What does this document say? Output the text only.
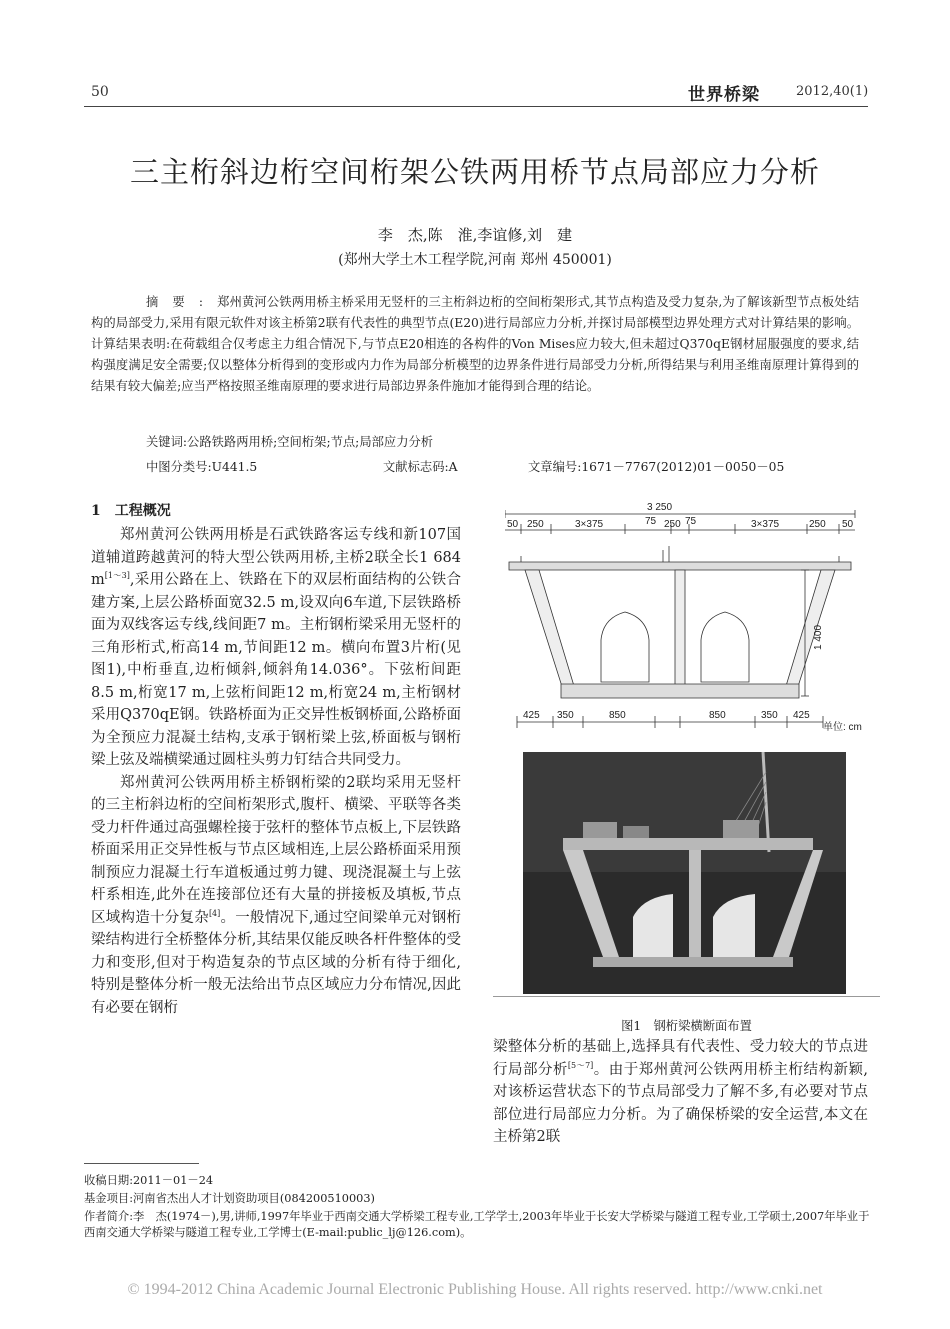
50	世界桥梁	2012,40(1)
三主桁斜边桁空间桁架公铁两用桥节点局部应力分析
李　杰,陈　淮,李谊修,刘　建
(郑州大学土木工程学院,河南 郑州 450001)
摘要:郑州黄河公铁两用桥主桥采用无竖杆的三主桁斜边桁的空间桁架形式,其节点构造及受力复杂,为了解该新型节点板处结构的局部受力,采用有限元软件对该主桥第2联有代表性的典型节点(E20)进行局部应力分析,并探讨局部模型边界处理方式对计算结果的影响。计算结果表明:在荷载组合仅考虑主力组合情况下,与节点E20相连的各构件的Von Mises应力较大,但未超过Q370qE钢材屈服强度的要求,结构强度满足安全需要;仅以整体分析得到的变形或内力作为局部分析模型的边界条件进行局部受力分析,所得结果与利用圣维南原理计算得到的结果有较大偏差;应当严格按照圣维南原理的要求进行局部边界条件施加才能得到合理的结论。
关键词:公路铁路两用桥;空间桁架;节点;局部应力分析
中图分类号:U441.5	文献标志码:A	文章编号:1671－7767(2012)01－0050－05
1　工程概况

郑州黄河公铁两用桥是石武铁路客运专线和新107国道辅道跨越黄河的特大型公铁两用桥,主桥2联全长1 684 m[1～3],采用公路在上、铁路在下的双层桁面结构的公铁合建方案,上层公路桥面宽32.5 m,设双向6车道,下层铁路桥面为双线客运专线,线间距7 m。主桁钢桁梁采用无竖杆的三角形桁式,桁高14 m,节间距12 m。横向布置3片桁(见图1),中桁垂直,边桁倾斜,倾斜角14.036°。下弦桁间距8.5 m,桁宽17 m,上弦桁间距12 m,桁宽24 m,主桁钢材采用Q370qE钢。铁路桥面为正交异性板钢桥面,公路桥面为全预应力混凝土结构,支承于钢桁梁上弦,桥面板与钢桁梁上弦及端横梁通过圆柱头剪力钉结合共同受力。

郑州黄河公铁两用桥主桥钢桁梁的2联均采用无竖杆的三主桁斜边桁的空间桁架形式,腹杆、横梁、平联等各类受力杆件通过高强螺栓接于弦杆的整体节点板上,下层铁路桥面采用正交异性板与节点区域相连,上层公路桥面采用预制预应力混凝土行车道板通过剪力键、现浇混凝土与上弦杆系相连,此外在连接部位还有大量的拼接板及填板,节点区域构造十分复杂[4]。一般情况下,通过空间梁单元对钢桁梁结构进行全桥整体分析,其结果仅能反映各杆件整体的受力和变形,但对于构造复杂的节点区域的分析有待于细化,特别是整体分析一般无法给出节点区域应力分布情况,因此有必要在钢桁

梁整体分析的基础上,选择具有代表性、受力较大的节点进行局部分析[5～7]。由于郑州黄河公铁两用桥主桁结构新颖,对该桥运营状态下的节点局部受力了解不多,有必要对节点部位进行局部应力分析。为了确保桥梁的安全运营,本文在主桥第2联

3 250
50 250	3×375	75 250 75	3×375	250 50
1 400
425 350	850	850	350 425
单位: cm
图1　钢桁梁横断面布置
收稿日期:2011－01－24
基金项目:河南省杰出人才计划资助项目(084200510003)
作者简介:李　杰(1974－),男,讲师,1997年毕业于西南交通大学桥梁工程专业,工学学士,2003年毕业于长安大学桥梁与隧道工程专业,工学硕士,2007年毕业于西南交通大学桥梁与隧道工程专业,工学博士(E-mail:public_lj@126.com)。
© 1994-2012 China Academic Journal Electronic Publishing House. All rights reserved. http://www.cnki.net
